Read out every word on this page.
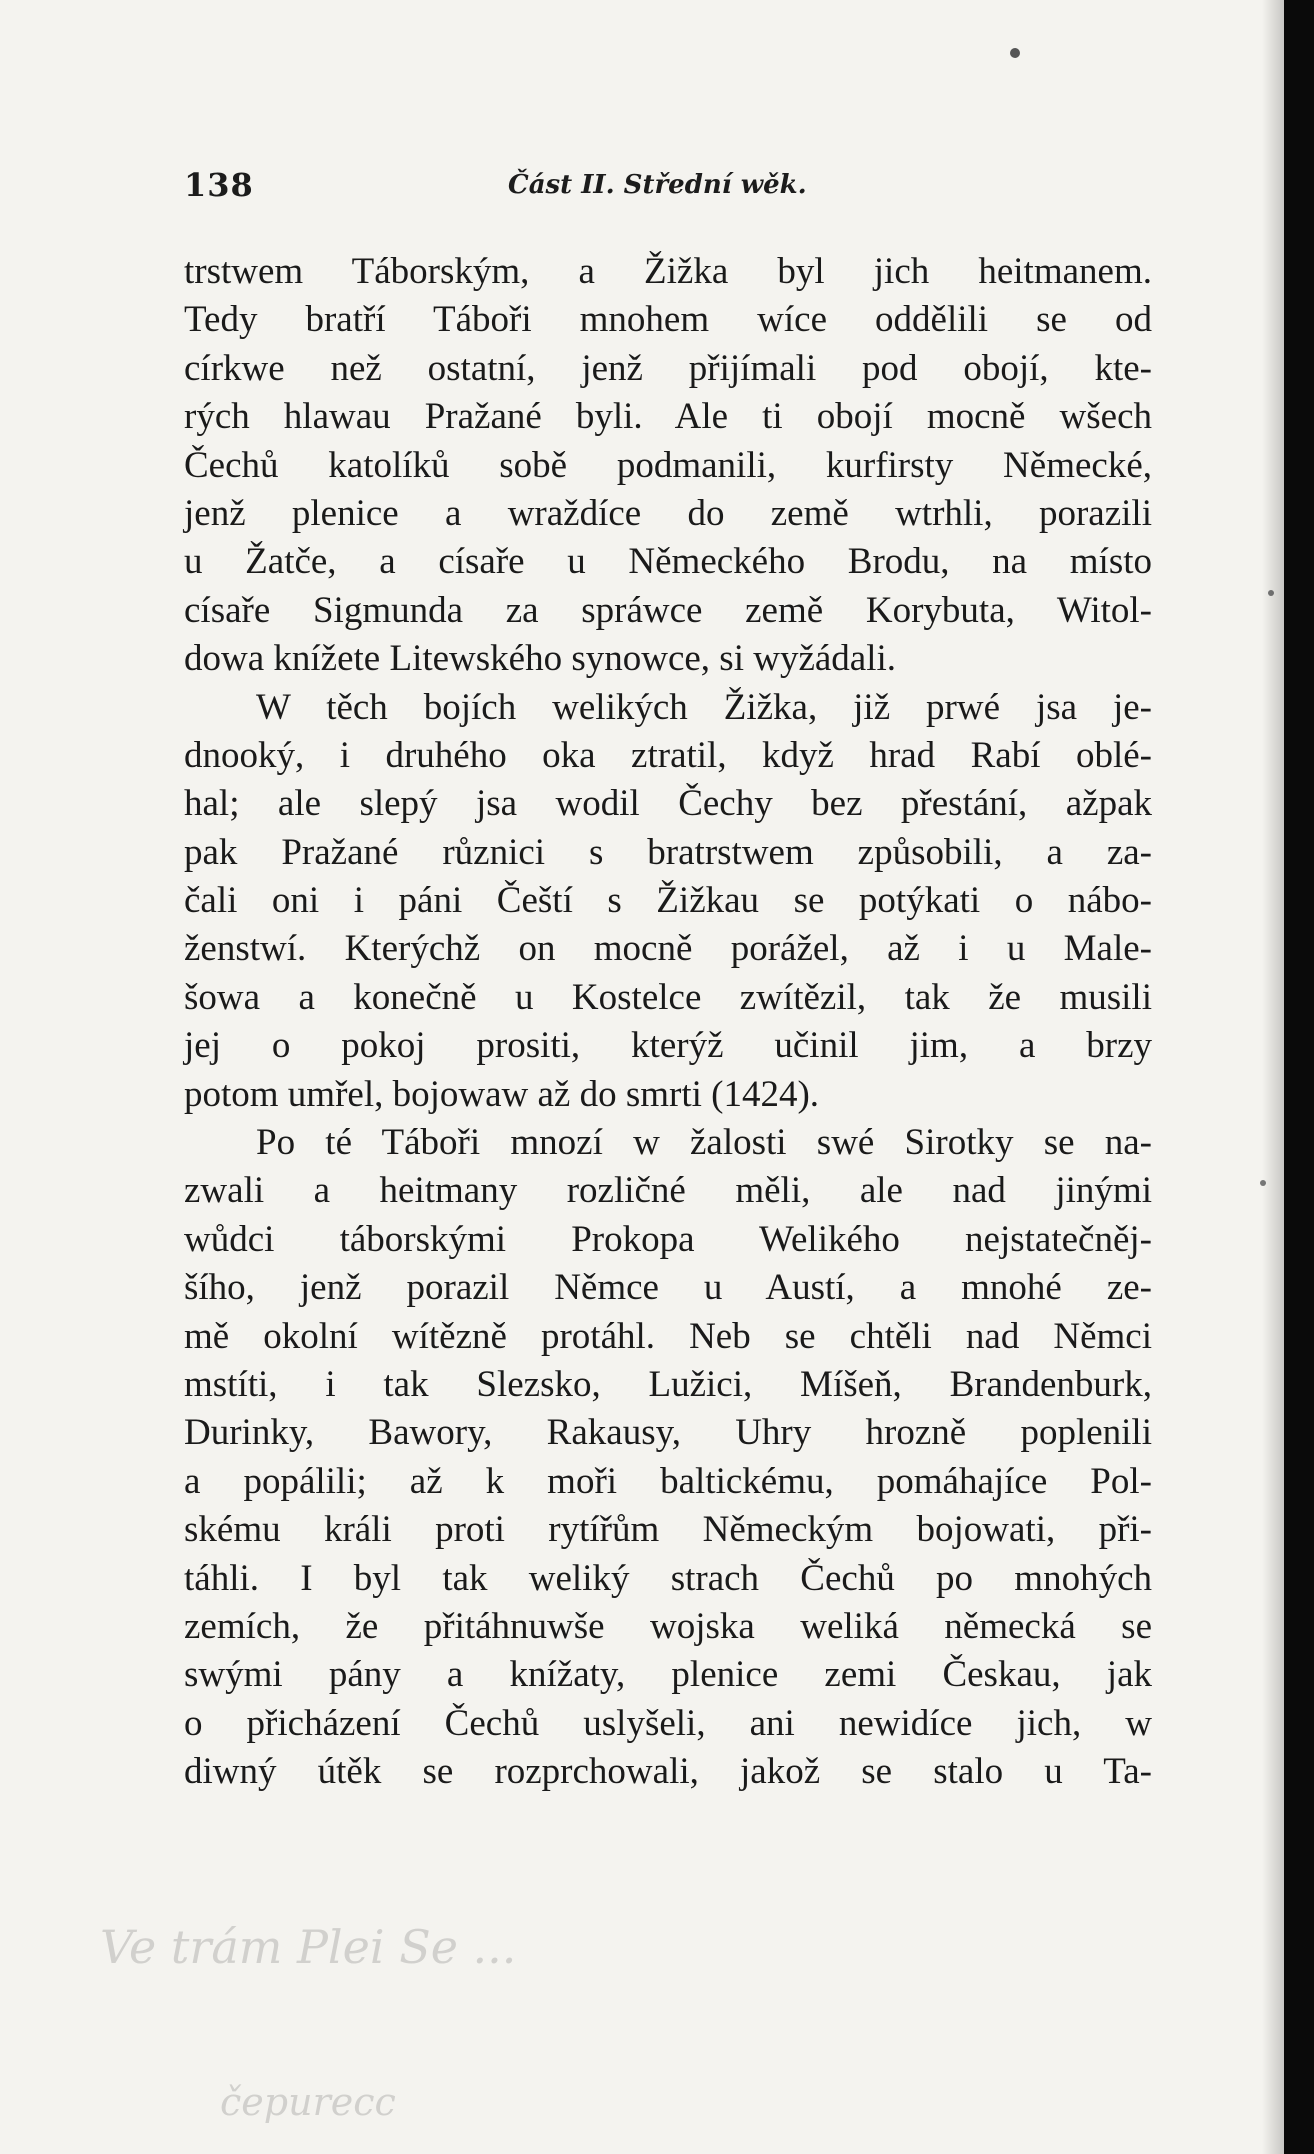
138	Část II. Střední wěk.
trstwem Táborským, a Žižka byl jich heitmanem.
Tedy bratří Táboři mnohem wíce oddělili se od
církwe než ostatní, jenž přijímali pod obojí, kte-
rých hlawau Pražané byli. Ale ti obojí mocně wšech
Čechů katolíků sobě podmanili, kurfirsty Německé,
jenž plenice a wraždíce do země wtrhli, porazili
u Žatče, a císaře u Německého Brodu, na místo
císaře Sigmunda za spráwce země Korybuta, Witol-
dowa knížete Litewského synowce, si wyžádali.
W těch bojích welikých Žižka, již prwé jsa je-
dnooký, i druhého oka ztratil, když hrad Rabí oblé-
hal; ale slepý jsa wodil Čechy bez přestání, ažpak
pak Pražané různici s bratrstwem způsobili, a za-
čali oni i páni Čeští s Žižkau se potýkati o nábo-
ženstwí. Kterýchž on mocně porážel, až i u Male-
šowa a konečně u Kostelce zwítězil, tak že musili
jej o pokoj prositi, kterýž učinil jim, a brzy
potom umřel, bojowaw až do smrti (1424).
Po té Táboři mnozí w žalosti swé Sirotky se na-
zwali a heitmany rozličné měli, ale nad jinými
wůdci táborskými Prokopa Welikého nejstatečněj-
šího, jenž porazil Němce u Austí, a mnohé ze-
mě okolní wítězně protáhl. Neb se chtěli nad Němci
mstíti, i tak Slezsko, Lužici, Míšeň, Brandenburk,
Durinky, Bawory, Rakausy, Uhry hrozně poplenili
a popálili; až k moři baltickému, pomáhajíce Pol-
skému králi proti rytířům Německým bojowati, při-
táhli. I byl tak weliký strach Čechů po mnohých
zemích, že přitáhnuwše wojska weliká německá se
swými pány a knížaty, plenice zemi Českau, jak
o přicházení Čechů uslyšeli, ani newidíce jich, w
diwný útěk se rozprchowali, jakož se stalo u Ta-
Ve trám Plei Se ...
čepurecc
